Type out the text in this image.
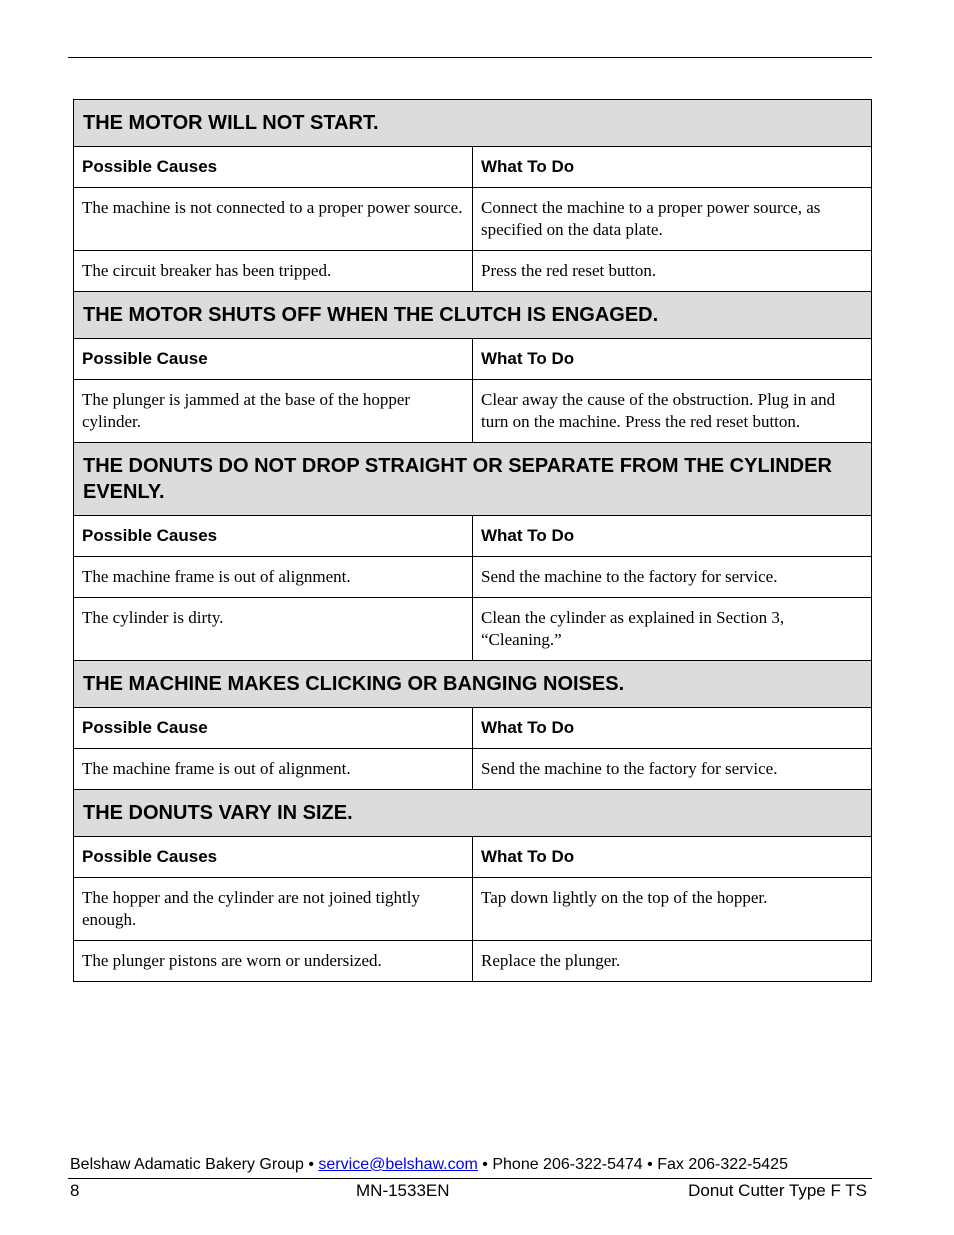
THE MOTOR WILL NOT START.	
Possible Causes	What To Do
The machine is not connected to a proper power source.	Connect the machine to a proper power source, as specified on the data plate.
The circuit breaker has been tripped.	Press the red reset button.
THE MOTOR SHUTS OFF WHEN THE CLUTCH IS ENGAGED.	
Possible Cause	What To Do
The plunger is jammed at the base of the hopper cylinder.	Clear away the cause of the obstruction. Plug in and turn on the machine. Press the red reset button.
THE DONUTS DO NOT DROP STRAIGHT OR SEPARATE FROM THE CYLINDER EVENLY.	
Possible Causes	What To Do
The machine frame is out of alignment.	Send the machine to the factory for service.
The cylinder is dirty.	Clean the cylinder as explained in Section 3, “Cleaning.”
THE MACHINE MAKES CLICKING OR BANGING NOISES.	
Possible Cause	What To Do
The machine frame is out of alignment.	Send the machine to the factory for service.
THE DONUTS VARY IN SIZE.	
Possible Causes	What To Do
The hopper and the cylinder are not joined tightly enough.	Tap down lightly on the top of the hopper.
The plunger pistons are worn or undersized.	Replace the plunger.
Belshaw Adamatic Bakery Group • service@belshaw.com • Phone 206-322-5474 • Fax 206-322-5425
8	MN-1533EN	Donut Cutter Type F TS
